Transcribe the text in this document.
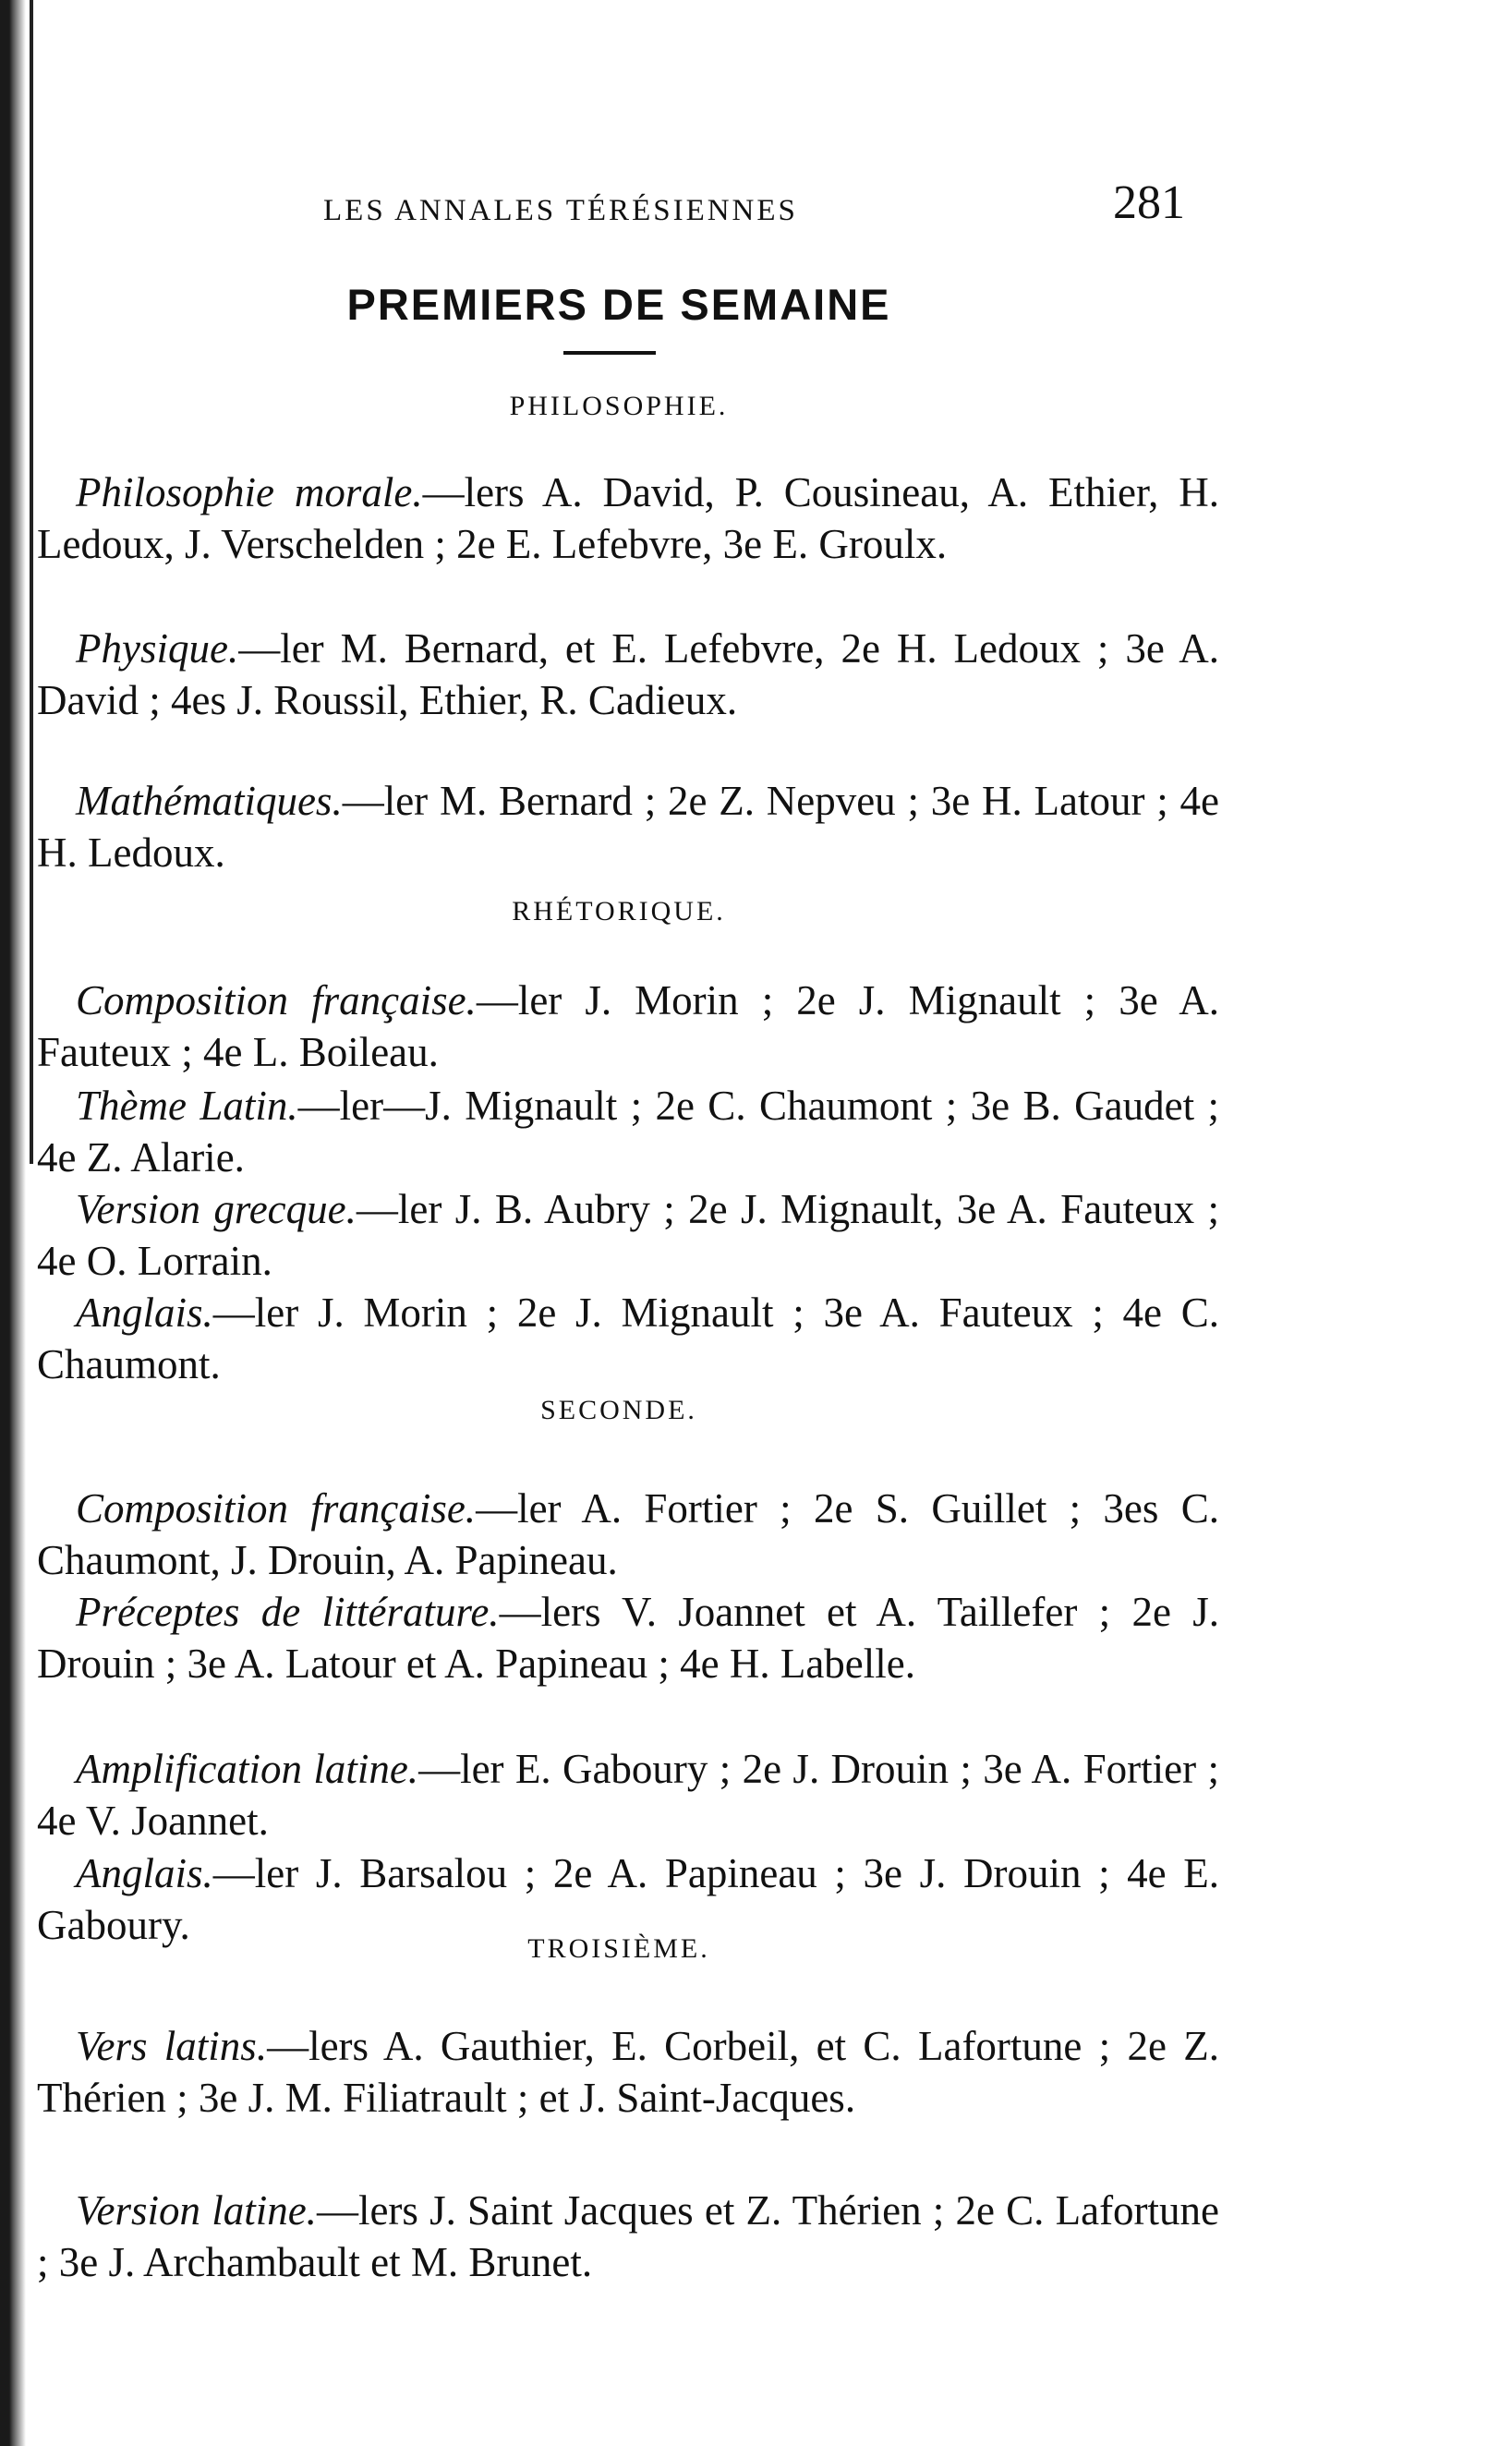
LES ANNALES TÉRÉSIENNES	281
PREMIERS DE SEMAINE
PHILOSOPHIE.

Philosophie morale.—lers A. David, P. Cousineau, A. Ethier, H. Ledoux, J. Verschelden ; 2e E. Lefebvre, 3e E. Groulx.

Physique.—ler M. Bernard, et E. Lefebvre, 2e H. Ledoux ; 3e A. David ; 4es J. Roussil, Ethier, R. Cadieux.

Mathématiques.—ler M. Bernard ; 2e Z. Nepveu ; 3e H. Latour ; 4e H. Ledoux.

RHÉTORIQUE.

Composition française.—ler J. Morin ; 2e J. Mignault ; 3e A. Fauteux ; 4e L. Boileau.

Thème Latin.—ler—J. Mignault ; 2e C. Chaumont ; 3e B. Gaudet ; 4e Z. Alarie.

Version grecque.—ler J. B. Aubry ; 2e J. Mignault, 3e A. Fauteux ; 4e O. Lorrain.

Anglais.—ler J. Morin ; 2e J. Mignault ; 3e A. Fauteux ; 4e C. Chaumont.

SECONDE.

Composition française.—ler A. Fortier ; 2e S. Guillet ; 3es C. Chaumont, J. Drouin, A. Papineau.

Préceptes de littérature.—lers V. Joannet et A. Taillefer ; 2e J. Drouin ; 3e A. Latour et A. Papineau ; 4e H. Labelle.

Amplification latine.—ler E. Gaboury ; 2e J. Drouin ; 3e A. Fortier ; 4e V. Joannet.

Anglais.—ler J. Barsalou ; 2e A. Papineau ; 3e J. Drouin ; 4e E. Gaboury.

TROISIÈME.

Vers latins.—lers A. Gauthier, E. Corbeil, et C. Lafortune ; 2e Z. Thérien ; 3e J. M. Filiatrault ; et J. Saint-Jacques.

Version latine.—lers J. Saint Jacques et Z. Thérien ; 2e C. Lafortune ; 3e J. Archambault et M. Brunet.
